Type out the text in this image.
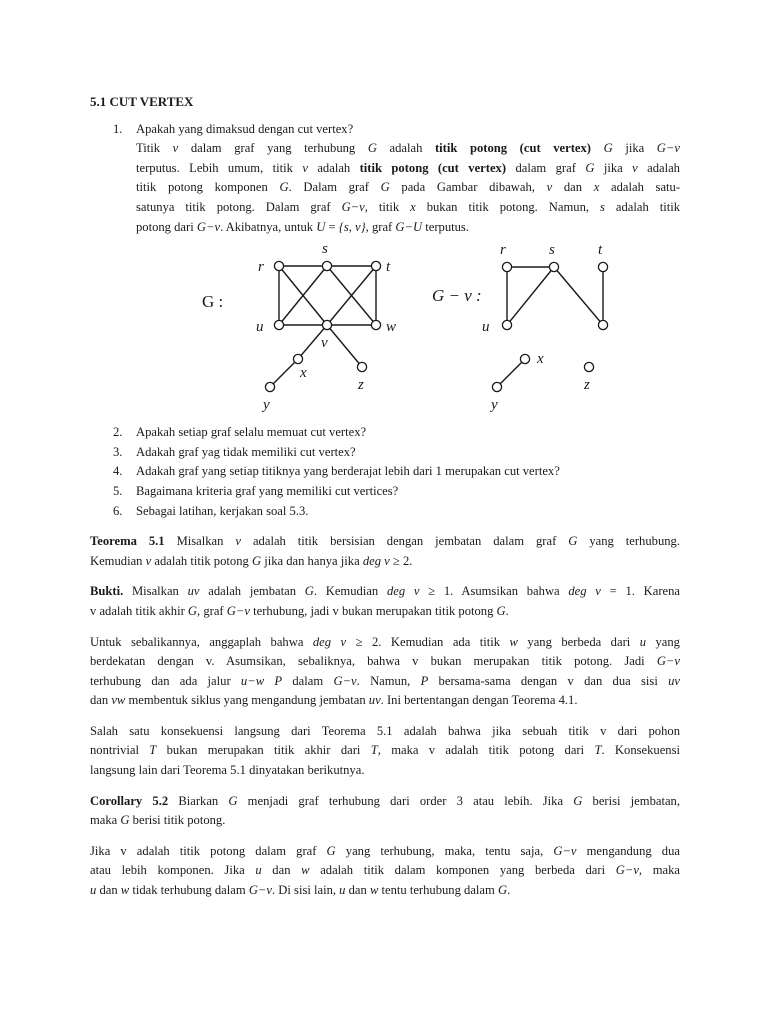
5.1 CUT VERTEX
1. Apakah yang dimaksud dengan cut vertex?
Titik v dalam graf yang terhubung G adalah titik potong (cut vertex) G jika G−v
terputus. Lebih umum, titik v adalah titik potong (cut vertex) dalam graf G jika v adalah
titik potong komponen G. Dalam graf G pada Gambar dibawah, v dan x adalah satu-
satunya titik potong. Dalam graf G−v, titik x bukan titik potong. Namun, s adalah titik
potong dari G−v. Akibatnya, untuk U = {s, v}, graf G−U terputus.
G :
r
s
t
u
v
w
x
y
z
G − v :
r	s	t
u
x
y
z
2. Apakah setiap graf selalu memuat cut vertex?
3. Adakah graf yag tidak memiliki cut vertex?
4. Adakah graf yang setiap titiknya yang berderajat lebih dari 1 merupakan cut vertex?
5. Bagaimana kriteria graf yang memiliki cut vertices?
6. Sebagai latihan, kerjakan soal 5.3.
Teorema 5.1 Misalkan v adalah titik bersisian dengan jembatan dalam graf G yang terhubung.
Kemudian v adalah titik potong G jika dan hanya jika deg v ≥ 2.
Bukti. Misalkan uv adalah jembatan G. Kemudian deg v ≥ 1. Asumsikan bahwa deg v = 1. Karena
v adalah titik akhir G, graf G−v terhubung, jadi v bukan merupakan titik potong G.
Untuk sebalikannya, anggaplah bahwa deg v ≥ 2. Kemudian ada titik w yang berbeda dari u yang
berdekatan dengan v. Asumsikan, sebaliknya, bahwa v bukan merupakan titik potong. Jadi G−v
terhubung dan ada jalur u−w P dalam G−v. Namun, P bersama-sama dengan v dan dua sisi uv
dan vw membentuk siklus yang mengandung jembatan uv. Ini bertentangan dengan Teorema 4.1.
Salah satu konsekuensi langsung dari Teorema 5.1 adalah bahwa jika sebuah titik v dari pohon
nontrivial T bukan merupakan titik akhir dari T, maka v adalah titik potong dari T. Konsekuensi
langsung lain dari Teorema 5.1 dinyatakan berikutnya.
Corollary 5.2 Biarkan G menjadi graf terhubung dari order 3 atau lebih. Jika G berisi jembatan,
maka G berisi titik potong.
Jika v adalah titik potong dalam graf G yang terhubung, maka, tentu saja, G−v mengandung dua
atau lebih komponen. Jika u dan w adalah titik dalam komponen yang berbeda dari G−v, maka
u dan w tidak terhubung dalam G−v. Di sisi lain, u dan w tentu terhubung dalam G.
